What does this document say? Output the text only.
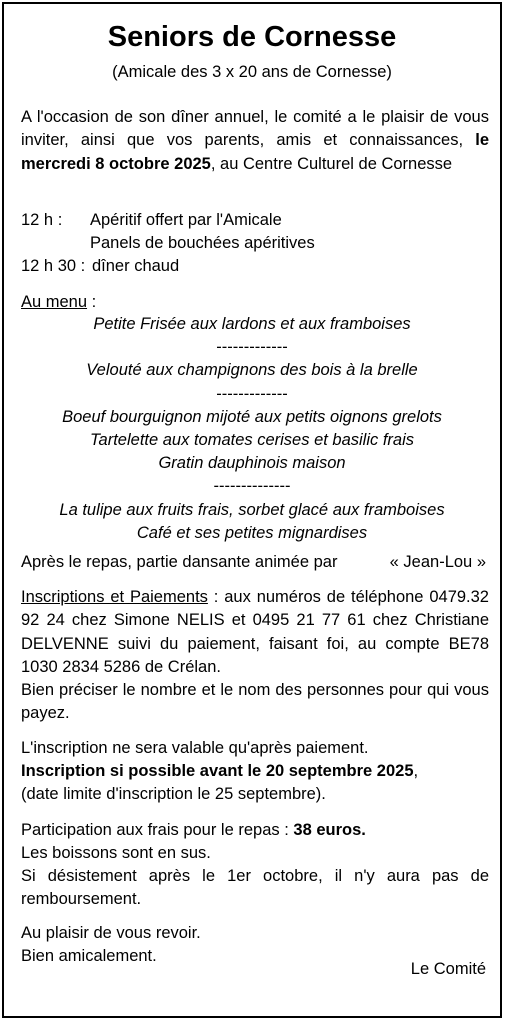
Seniors de Cornesse
(Amicale des 3 x 20 ans de Cornesse)
A l'occasion de son dîner annuel, le comité a le plaisir de vous inviter, ainsi que vos parents, amis et connaissances, le mercredi 8 octobre 2025, au Centre Culturel de Cornesse
12 h : Apéritif offert par l'Amicale
Panels de bouchées apéritives
12 h 30 : dîner chaud
Au menu :
Petite Frisée aux lardons et aux framboises
-------------
Velouté aux champignons des bois à la brelle
-------------
Boeuf bourguignon mijoté aux petits oignons grelots
Tartelette aux tomates cerises et basilic frais
Gratin dauphinois maison
--------------
La tulipe aux fruits frais, sorbet glacé aux framboises
Café et ses petites mignardises
Après le repas, partie dansante animée par	« Jean-Lou »
Inscriptions et Paiements : aux numéros de téléphone 0479.32 92 24 chez Simone NELIS et 0495 21 77 61 chez Christiane DELVENNE suivi du paiement, faisant foi, au compte BE78 1030 2834 5286 de Crélan.
Bien préciser le nombre et le nom des personnes pour qui vous payez.
L'inscription ne sera valable qu'après paiement.
Inscription si possible avant le 20 septembre 2025,
(date limite d'inscription le 25 septembre).
Participation aux frais pour le repas : 38 euros.
Les boissons sont en sus.
Si désistement après le 1er octobre, il n'y aura pas de remboursement.
Au plaisir de vous revoir.
Bien amicalement.
Le Comité
